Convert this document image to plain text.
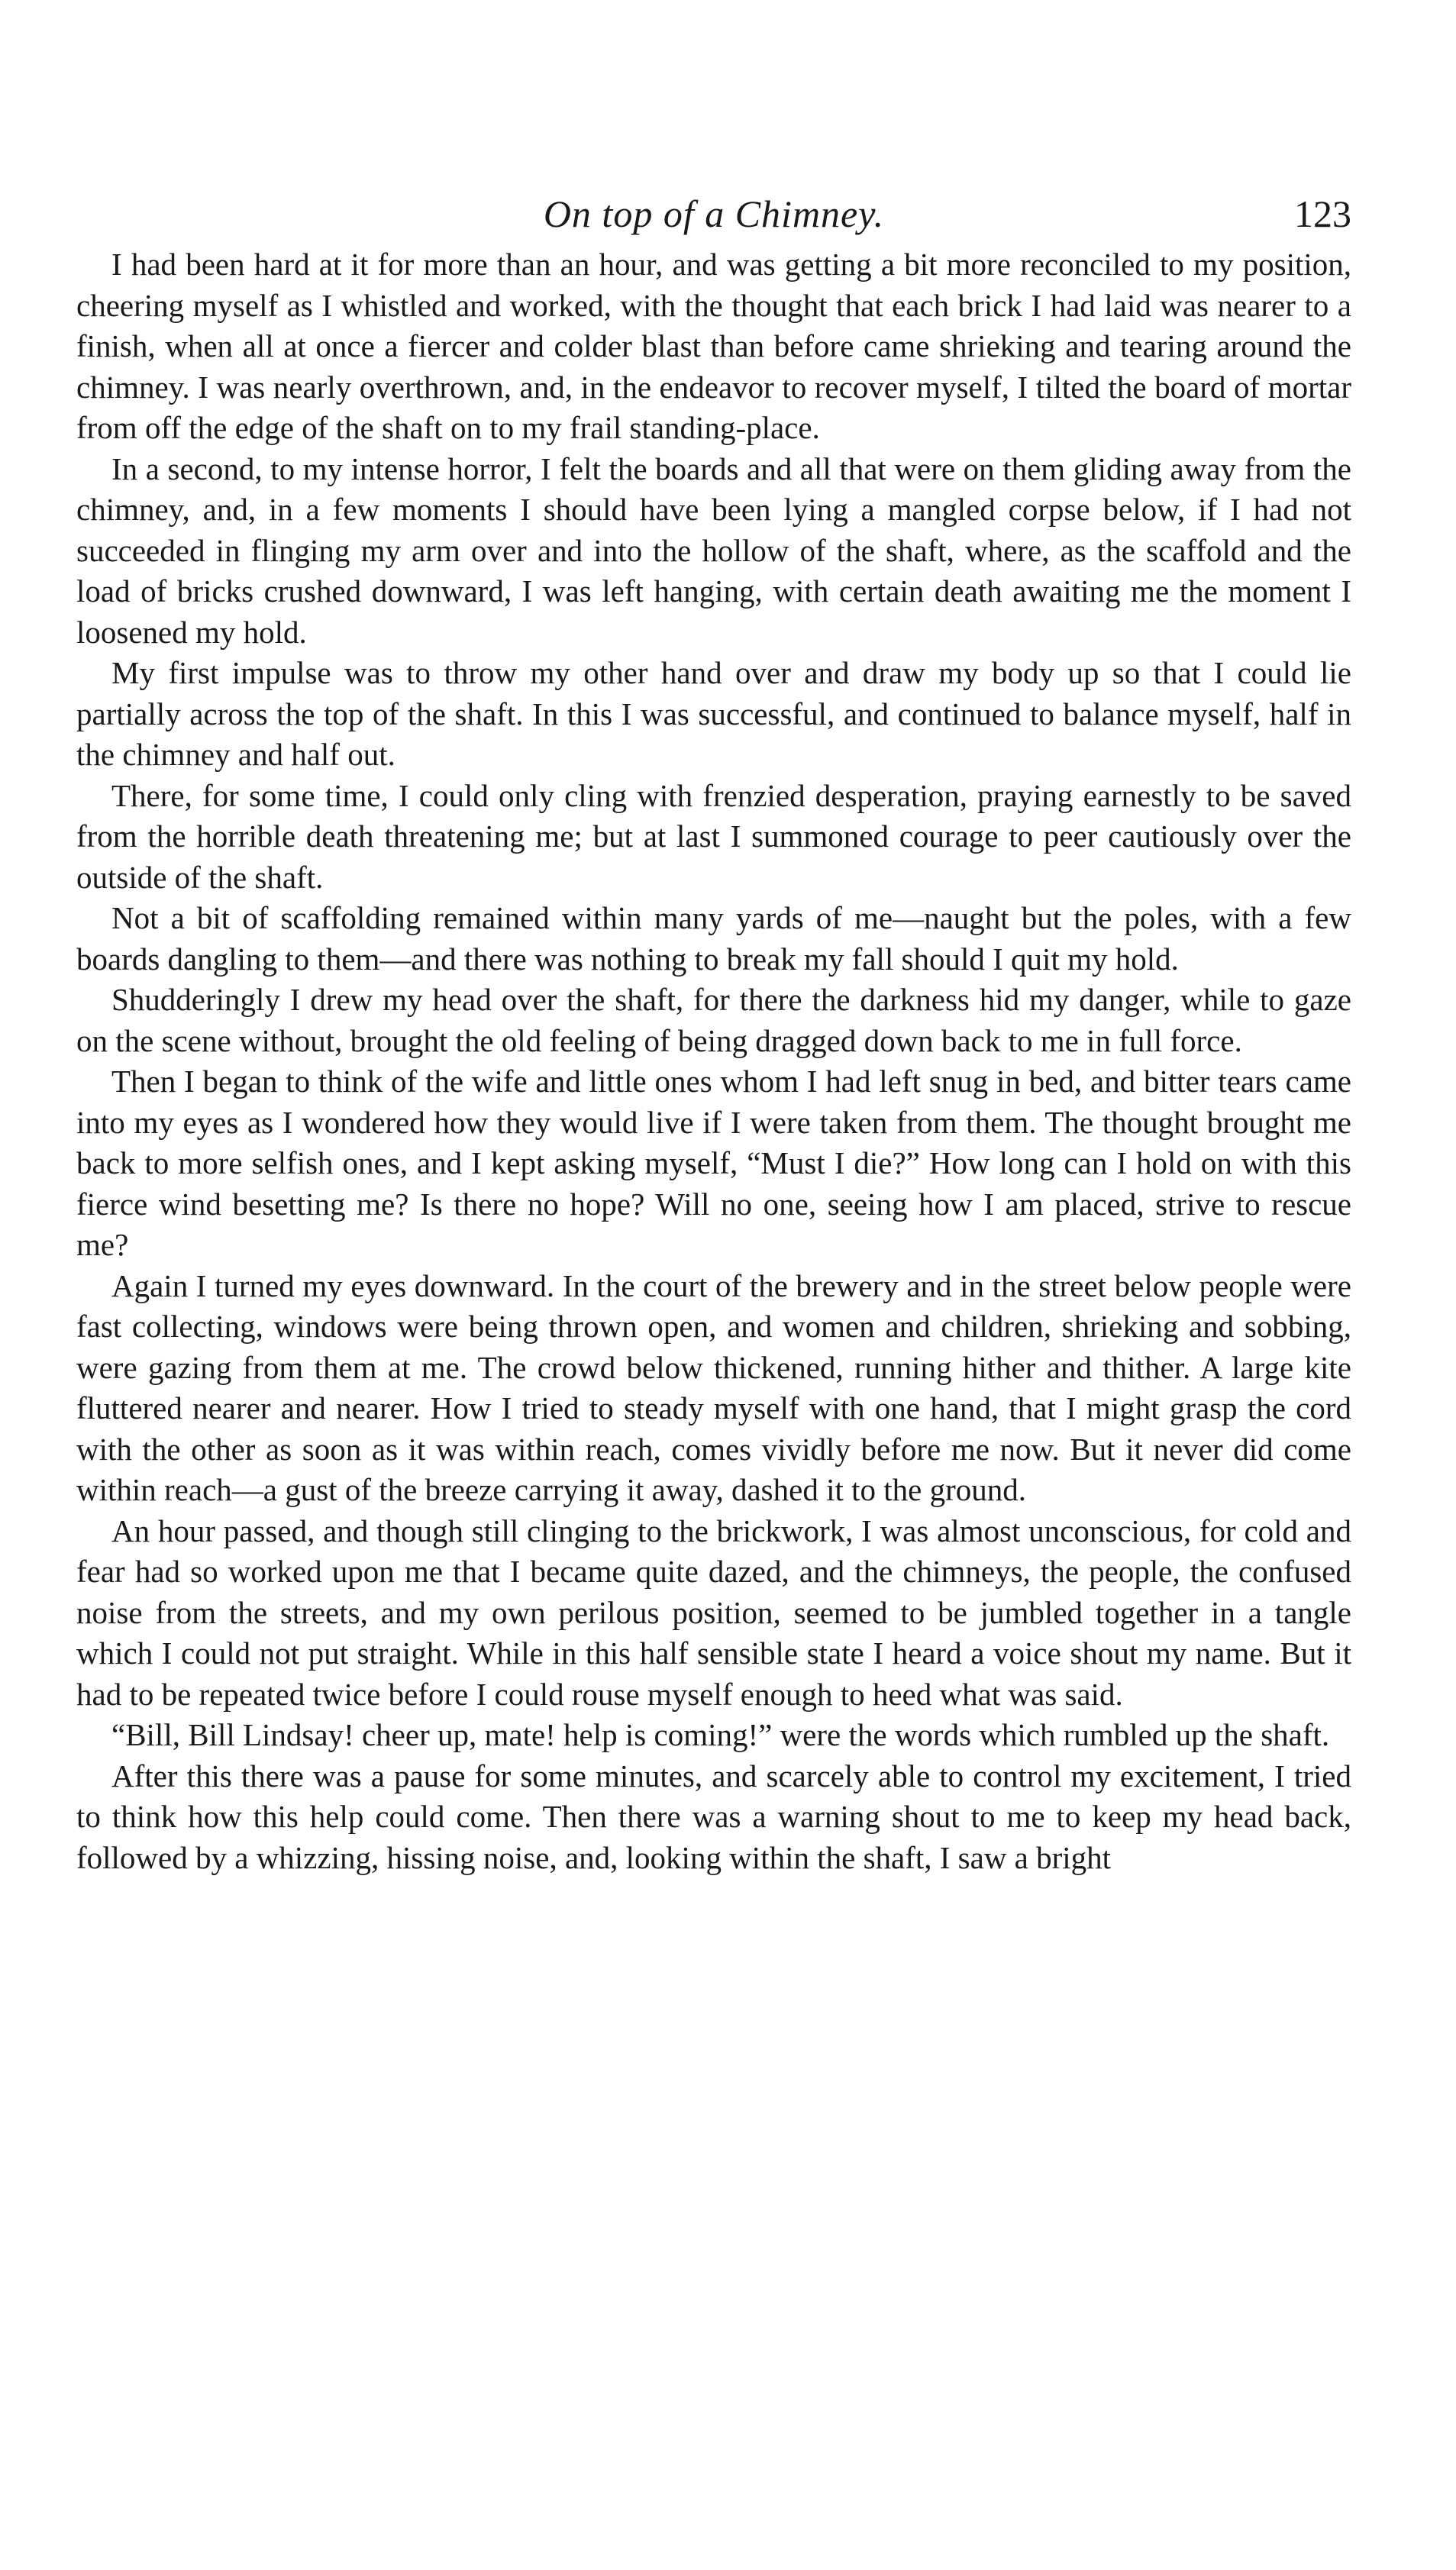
On top of a Chimney.	123

I had been hard at it for more than an hour, and was getting a bit more reconciled to my position, cheering myself as I whistled and worked, with the thought that each brick I had laid was nearer to a finish, when all at once a fiercer and colder blast than before came shrieking and tearing around the chimney. I was nearly overthrown, and, in the endeavor to recover myself, I tilted the board of mortar from off the edge of the shaft on to my frail standing-place.

In a second, to my intense horror, I felt the boards and all that were on them gliding away from the chimney, and, in a few moments I should have been lying a mangled corpse below, if I had not succeeded in flinging my arm over and into the hollow of the shaft, where, as the scaffold and the load of bricks crushed downward, I was left hanging, with certain death awaiting me the moment I loosened my hold.

My first impulse was to throw my other hand over and draw my body up so that I could lie partially across the top of the shaft. In this I was successful, and continued to balance myself, half in the chimney and half out.

There, for some time, I could only cling with frenzied desperation, praying earnestly to be saved from the horrible death threatening me; but at last I summoned courage to peer cautiously over the outside of the shaft.

Not a bit of scaffolding remained within many yards of me—naught but the poles, with a few boards dangling to them—and there was nothing to break my fall should I quit my hold.

Shudderingly I drew my head over the shaft, for there the darkness hid my danger, while to gaze on the scene without, brought the old feeling of being dragged down back to me in full force.

Then I began to think of the wife and little ones whom I had left snug in bed, and bitter tears came into my eyes as I wondered how they would live if I were taken from them. The thought brought me back to more selfish ones, and I kept asking myself, “Must I die?” How long can I hold on with this fierce wind besetting me? Is there no hope? Will no one, seeing how I am placed, strive to rescue me?

Again I turned my eyes downward. In the court of the brewery and in the street below people were fast collecting, windows were being thrown open, and women and children, shrieking and sobbing, were gazing from them at me. The crowd below thickened, running hither and thither. A large kite fluttered nearer and nearer. How I tried to steady myself with one hand, that I might grasp the cord with the other as soon as it was within reach, comes vividly before me now. But it never did come within reach—a gust of the breeze carrying it away, dashed it to the ground.

An hour passed, and though still clinging to the brickwork, I was almost unconscious, for cold and fear had so worked upon me that I became quite dazed, and the chimneys, the people, the confused noise from the streets, and my own perilous position, seemed to be jumbled together in a tangle which I could not put straight. While in this half sensible state I heard a voice shout my name. But it had to be repeated twice before I could rouse myself enough to heed what was said.

“Bill, Bill Lindsay! cheer up, mate! help is coming!” were the words which rumbled up the shaft.

After this there was a pause for some minutes, and scarcely able to control my excitement, I tried to think how this help could come. Then there was a warning shout to me to keep my head back, followed by a whizzing, hissing noise, and, looking within the shaft, I saw a bright
